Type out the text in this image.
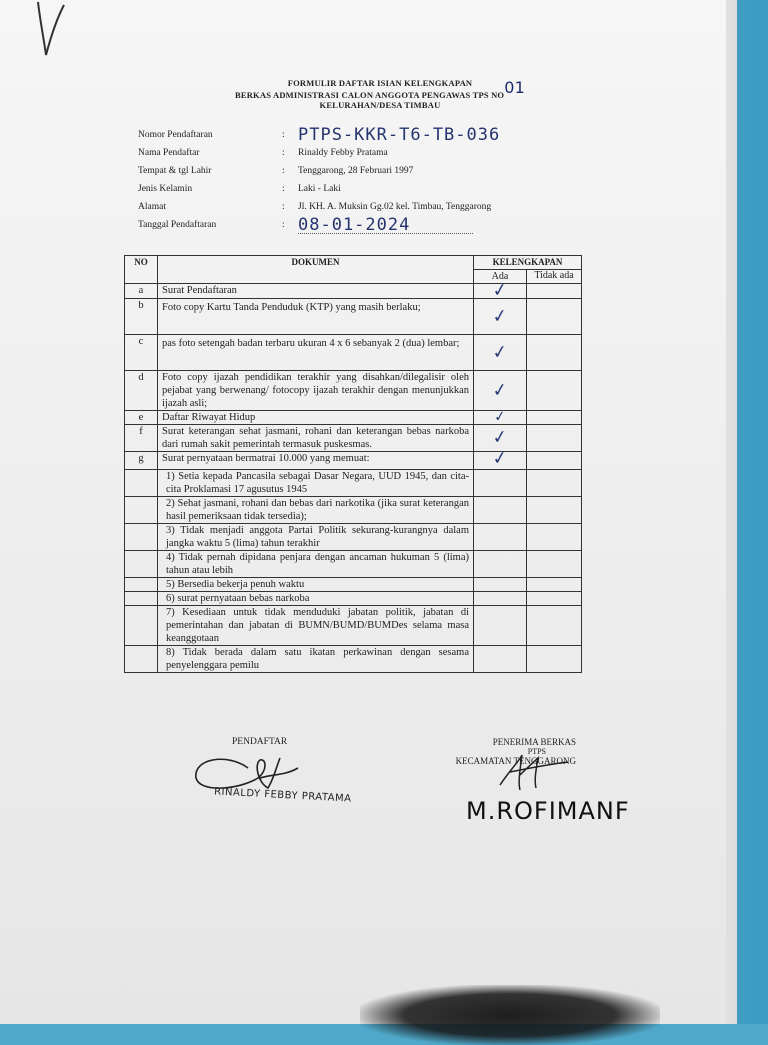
FORMULIR DAFTAR ISIAN KELENGKAPAN
BERKAS ADMINISTRASI CALON ANGGOTA PENGAWAS TPS NO01
KELURAHAN/DESA TIMBAU
Nomor Pendaftaran	: PTPS-KKR-T6-TB-036
Nama Pendaftar	: Rinaldy Febby Pratama
Tempat & tgl Lahir	: Tenggarong, 28 Februari 1997
Jenis Kelamin	: Laki - Laki
Alamat	: Jl. KH. A. Muksin Gg.02 kel. Timbau, Tenggarong
Tanggal Pendaftaran	: 08-01-2024
NO	DOKUMEN	KELENGKAPAN	
		Ada	Tidak ada
a	Surat Pendaftaran	✓	

b	Foto copy Kartu Tanda Penduduk (KTP) yang masih berlaku;	✓	

c	pas foto setengah badan terbaru ukuran 4 x 6 sebanyak 2 (dua) lembar;	✓	

d	Foto copy ijazah pendidikan terakhir yang disahkan/dilegalisir oleh pejabat yang berwenang/ fotocopy ijazah terakhir dengan menunjukkan ijazah asli;	✓	

e	Daftar Riwayat Hidup	✓	

f	Surat keterangan sehat jasmani, rohani dan keterangan bebas narkoba dari rumah sakit pemerintah termasuk puskesmas.	✓	

g	Surat pernyataan bermatrai 10.000 yang memuat:	✓	

	1) Setia kepada Pancasila sebagai Dasar Negara, UUD 1945, dan cita-cita Proklamasi 17 agusutus 1945		
	2) Sehat jasmani, rohani dan bebas dari narkotika (jika surat keterangan hasil pemeriksaan tidak tersedia);		
	3) Tidak menjadi anggota Partai Politik sekurang-kurangnya dalam jangka waktu 5 (lima) tahun terakhir		
	4) Tidak pernah dipidana penjara dengan ancaman hukuman 5 (lima) tahun atau lebih		
	5) Bersedia bekerja penuh waktu		
	6) surat pernyataan bebas narkoba		
	7) Kesediaan untuk tidak menduduki jabatan politik, jabatan di pemerintahan dan jabatan di BUMN/BUMD/BUMDes selama masa keanggotaan		
	8) Tidak berada dalam satu ikatan perkawinan dengan sesama penyelenggara pemilu		
PENDAFTAR
RINALDY FEBBY PRATAMA
PENERIMA BERKAS
PTPS
KECAMATAN TENGGARONG
M.ROFIMANF
